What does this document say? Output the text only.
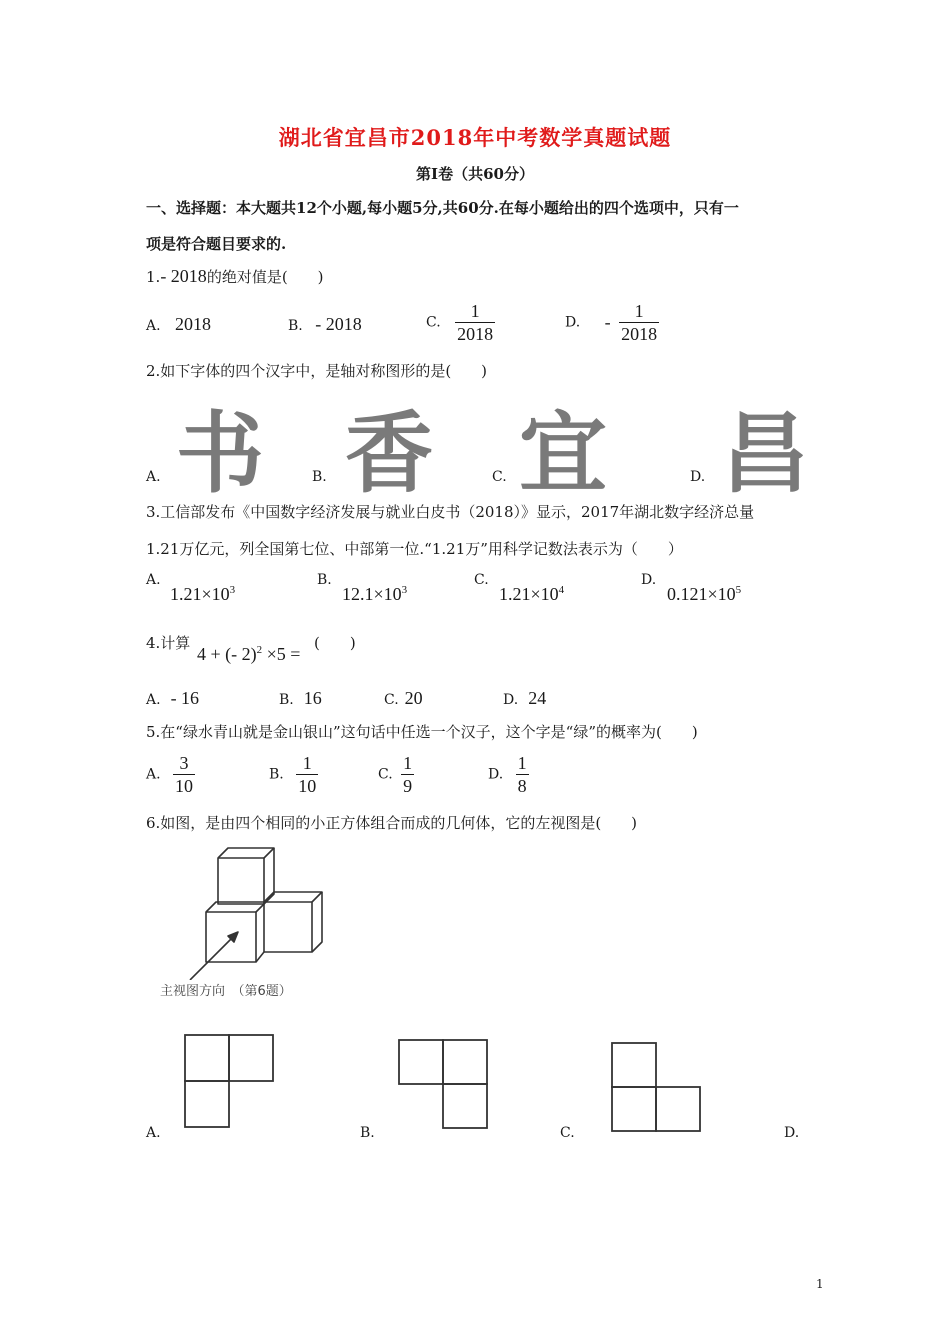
湖北省宜昌市2018年中考数学真题试题
第Ⅰ卷（共60分）
一、选择题：本大题共12个小题,每小题5分,共60分.在每小题给出的四个选项中，只有一
项是符合题目要求的.
1.- 2018的绝对值是(　　)
A. 2018	B. - 2018	C. $\frac{1}{2018}$	D. - $\frac{1}{2018}$
2.如下字体的四个汉字中，是轴对称图形的是(　　)
书 香 宜 昌
A.	B.	C.	D.
3.工信部发布《中国数字经济发展与就业白皮书（2018）》显示，2017年湖北数字经济总量
1.21万亿元，列全国第七位、中部第一位.“1.21万”用科学记数法表示为（　　）
A.
$1.21\times 10^3$
B.
$12.1\times 10^3$
C.
$1.21\times 10^4$
D.
$0.121\times 10^5$
4.计算
4 + (- 2)$^2$ ×5 =
(　　)
A. - 16	B. 16	C. 20	D. 24
5.在“绿水青山就是金山银山”这句话中任选一个汉子，这个字是“绿”的概率为(　　)
A. $\frac{3}{10}$	B. $\frac{1}{10}$	C. $\frac{1}{9}$	D. $\frac{1}{8}$
6.如图，是由四个相同的小正方体组合而成的几何体，它的左视图是(　　)
主视图方向　（第6题）
A.	B.	C.	D.
1
